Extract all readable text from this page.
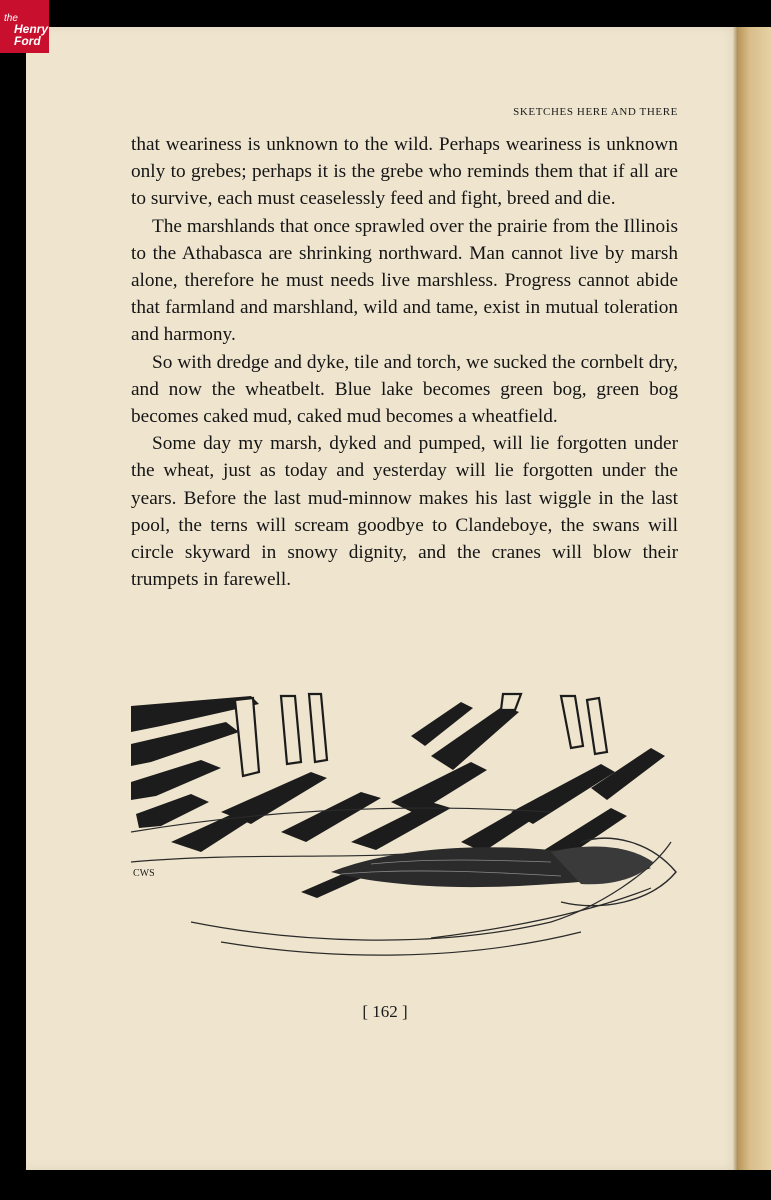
the
Henry
Ford
SKETCHES HERE AND THERE

that weariness is unknown to the wild. Perhaps weariness is unknown only to grebes; perhaps it is the grebe who reminds them that if all are to survive, each must ceaselessly feed and fight, breed and die.

The marshlands that once sprawled over the prairie from the Illinois to the Athabasca are shrinking northward. Man cannot live by marsh alone, therefore he must needs live marshless. Progress cannot abide that farmland and marshland, wild and tame, exist in mutual toleration and harmony.

So with dredge and dyke, tile and torch, we sucked the cornbelt dry, and now the wheatbelt. Blue lake becomes green bog, green bog becomes caked mud, caked mud becomes a wheatfield.

Some day my marsh, dyked and pumped, will lie forgotten under the wheat, just as today and yesterday will lie forgotten under the years. Before the last mud-minnow makes his last wiggle in the last pool, the terns will scream goodbye to Clandeboye, the swans will circle skyward in snowy dignity, and the cranes will blow their trumpets in farewell.

CWS
[ 162 ]
